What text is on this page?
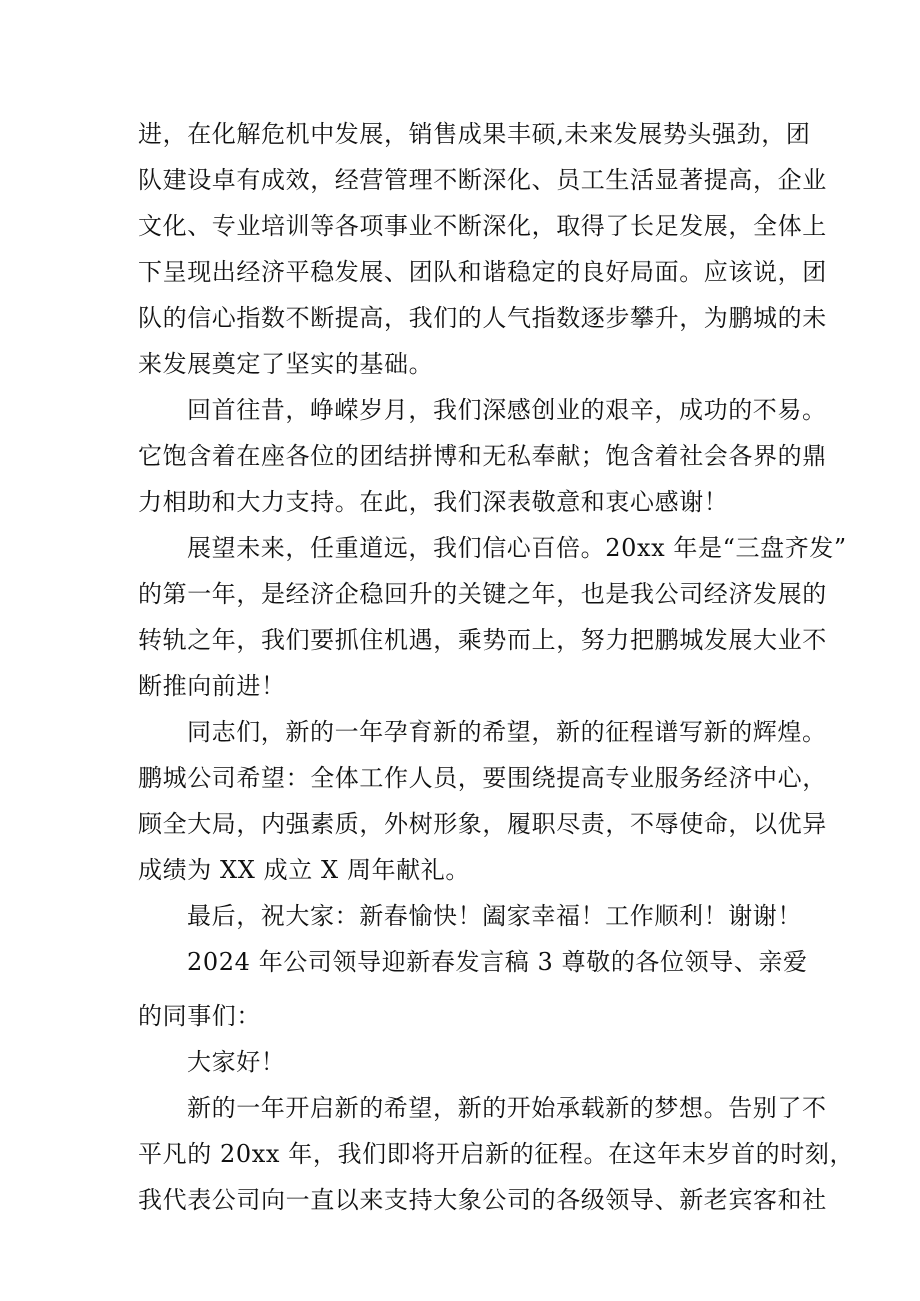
进，在化解危机中发展，销售成果丰硕,未来发展势头强劲，团
队建设卓有成效，经营管理不断深化、员工生活显著提高，企业
文化、专业培训等各项事业不断深化，取得了长足发展，全体上
下呈现出经济平稳发展、团队和谐稳定的良好局面。应该说，团
队的信心指数不断提高，我们的人气指数逐步攀升，为鹏城的未
来发展奠定了坚实的基础。
回首往昔，峥嵘岁月，我们深感创业的艰辛，成功的不易。
它饱含着在座各位的团结拼博和无私奉献；饱含着社会各界的鼎
力相助和大力支持。在此，我们深表敬意和衷心感谢！
展望未来，任重道远，我们信心百倍。20xx 年是“三盘齐发”
的第一年，是经济企稳回升的关键之年，也是我公司经济发展的
转轨之年，我们要抓住机遇，乘势而上，努力把鹏城发展大业不
断推向前进！
同志们，新的一年孕育新的希望，新的征程谱写新的辉煌。
鹏城公司希望：全体工作人员，要围绕提高专业服务经济中心，
顾全大局，内强素质，外树形象，履职尽责，不辱使命，以优异
成绩为 XX 成立 X 周年献礼。
最后，祝大家：新春愉快！阖家幸福！工作顺利！谢谢！
2024 年公司领导迎新春发言稿 3 尊敬的各位领导、亲爱
的同事们：
大家好！
新的一年开启新的希望，新的开始承载新的梦想。告别了不
平凡的 20xx 年，我们即将开启新的征程。在这年末岁首的时刻，
我代表公司向一直以来支持大象公司的各级领导、新老宾客和社
